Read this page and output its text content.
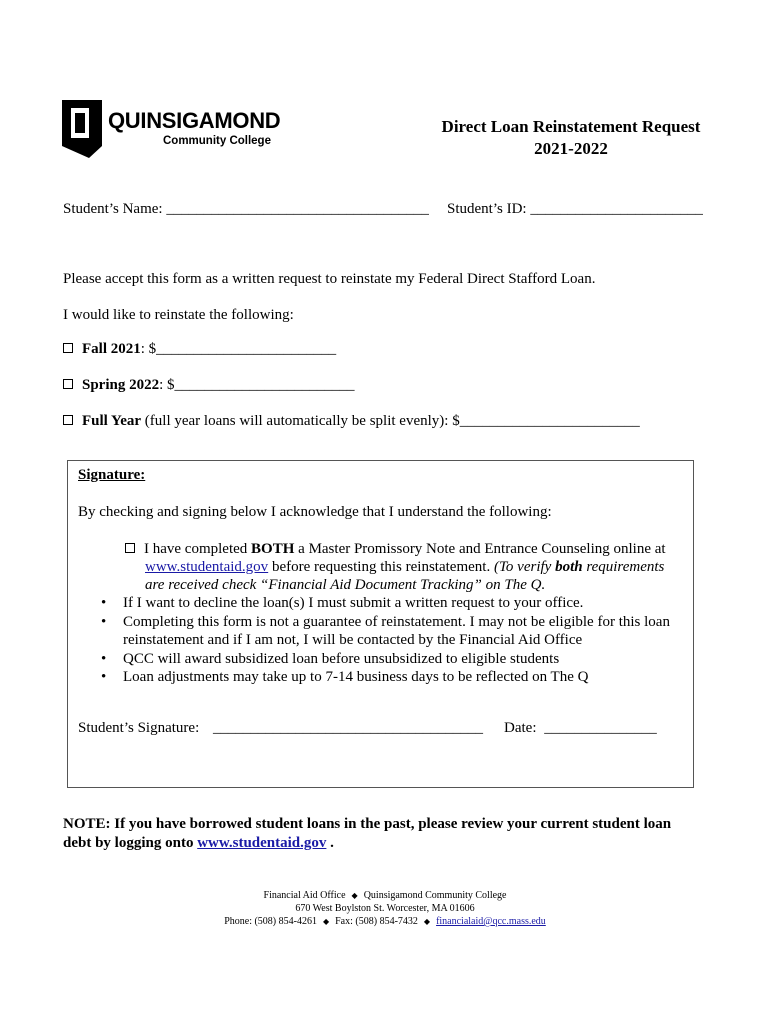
QUINSIGAMOND
Community College
Direct Loan Reinstatement Request
2021-2022
Student’s Name: ___________________________________ Student’s ID: _______________________
Please accept this form as a written request to reinstate my Federal Direct Stafford Loan.
I would like to reinstate the following:
Fall 2021: $________________________
Spring 2022: $________________________
Full Year (full year loans will automatically be split evenly): $________________________
Signature:
By checking and signing below I acknowledge that I understand the following:
I have completed BOTH a Master Promissory Note and Entrance Counseling online at
www.studentaid.gov before requesting this reinstatement. (To verify both requirements
are received check “Financial Aid Document Tracking” on The Q.
• If I want to decline the loan(s) I must submit a written request to your office.
• Completing this form is not a guarantee of reinstatement. I may not be eligible for this loan
reinstatement and if I am not, I will be contacted by the Financial Aid Office
• QCC will award subsidized loan before unsubsidized to eligible students
• Loan adjustments may take up to 7-14 business days to be reflected on The Q
Student’s Signature: ____________________________________ Date: _______________
NOTE: If you have borrowed student loans in the past, please review your current student loan debt by logging onto www.studentaid.gov .
Financial Aid Office ◆ Quinsigamond Community College
670 West Boylston St. Worcester, MA 01606
Phone: (508) 854-4261 ◆ Fax: (508) 854-7432 ◆ financialaid@qcc.mass.edu
